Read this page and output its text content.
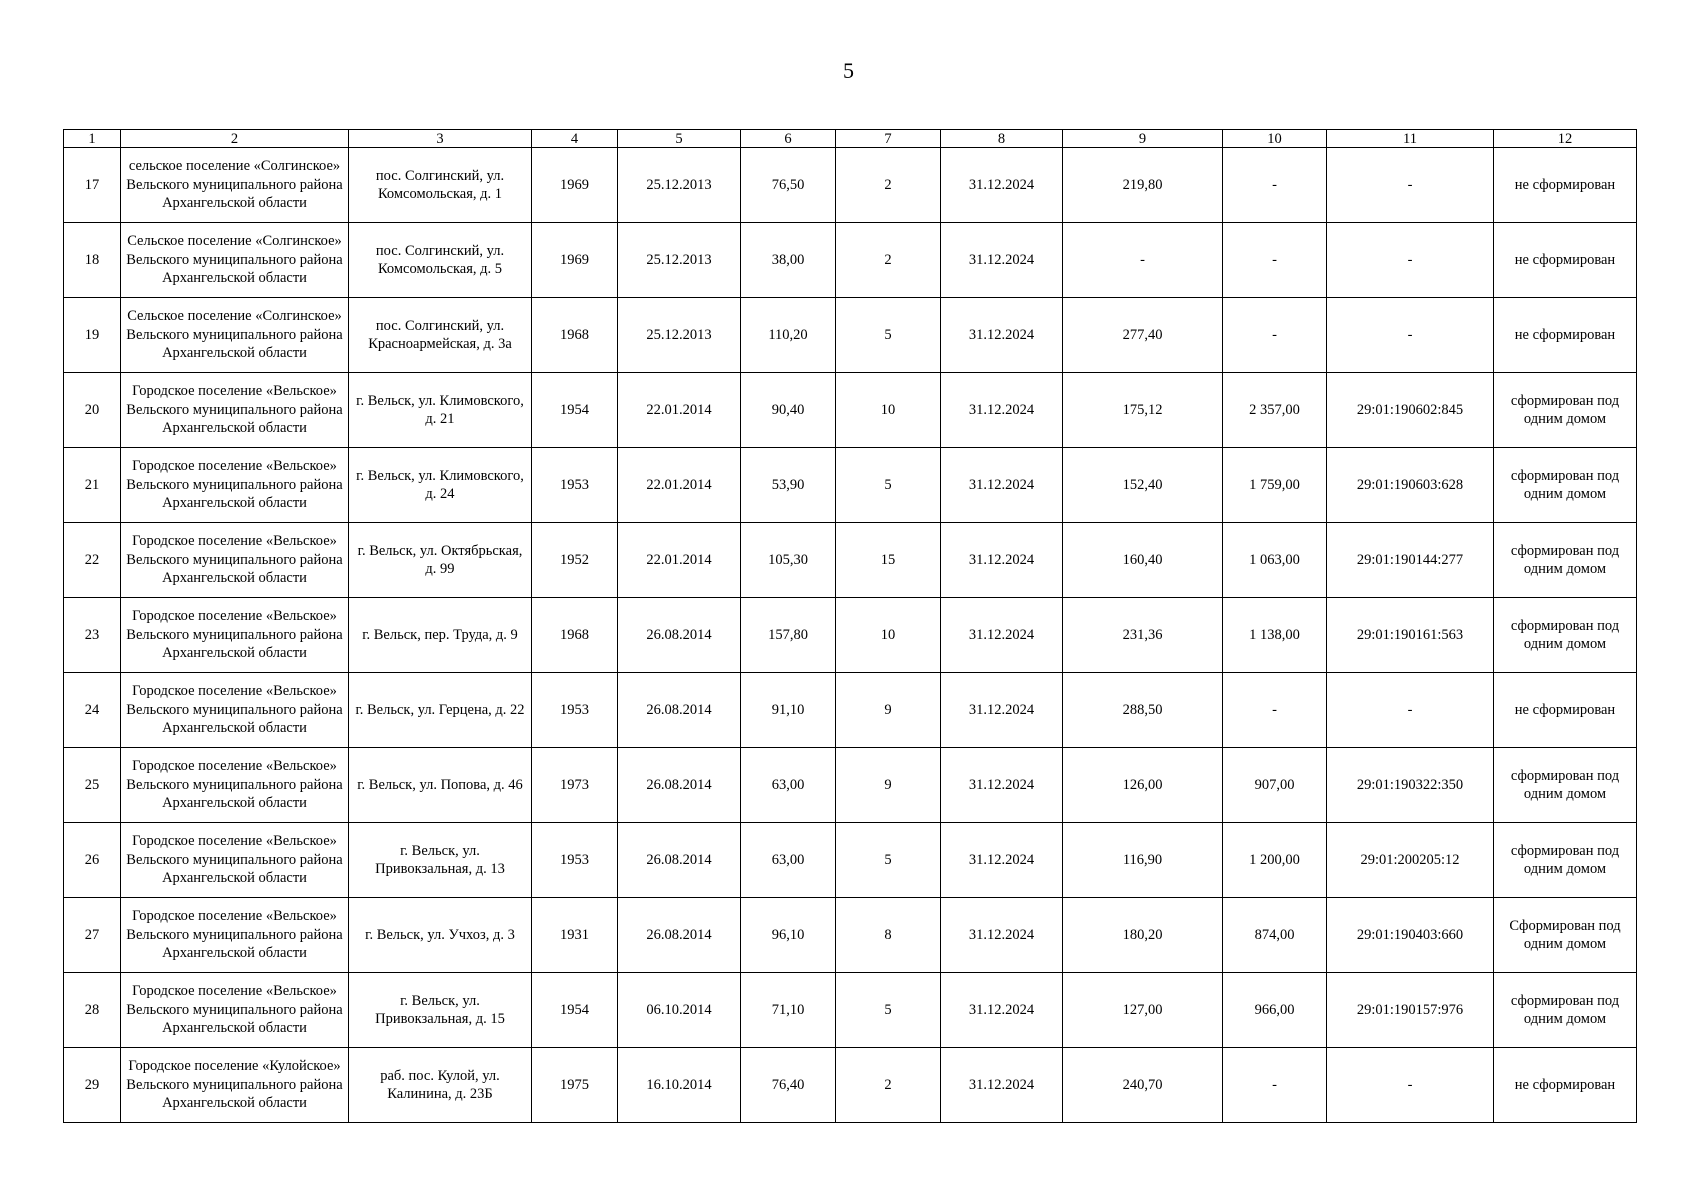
5
1	2	3	4	5	6	7	8	9	10	11	12
17	сельское поселение «Солгинское» Вельского муниципального района Архангельской области	пос. Солгинский, ул. Комсомольская, д. 1	1969	25.12.2013	76,50	2	31.12.2024	219,80	-	-	не сформирован
18	Сельское поселение «Солгинское» Вельского муниципального района Архангельской области	пос. Солгинский, ул. Комсомольская, д. 5	1969	25.12.2013	38,00	2	31.12.2024	-	-	-	не сформирован
19	Сельское поселение «Солгинское» Вельского муниципального района Архангельской области	пос. Солгинский, ул. Красноармейская, д. 3а	1968	25.12.2013	110,20	5	31.12.2024	277,40	-	-	не сформирован
20	Городское поселение «Вельское» Вельского муниципального района Архангельской области	г. Вельск, ул. Климовского, д. 21	1954	22.01.2014	90,40	10	31.12.2024	175,12	2 357,00	29:01:190602:845	сформирован под одним домом
21	Городское поселение «Вельское» Вельского муниципального района Архангельской области	г. Вельск, ул. Климовского, д. 24	1953	22.01.2014	53,90	5	31.12.2024	152,40	1 759,00	29:01:190603:628	сформирован под одним домом
22	Городское поселение «Вельское» Вельского муниципального района Архангельской области	г. Вельск, ул. Октябрьская, д. 99	1952	22.01.2014	105,30	15	31.12.2024	160,40	1 063,00	29:01:190144:277	сформирован под одним домом
23	Городское поселение «Вельское» Вельского муниципального района Архангельской области	г. Вельск, пер. Труда, д. 9	1968	26.08.2014	157,80	10	31.12.2024	231,36	1 138,00	29:01:190161:563	сформирован под одним домом
24	Городское поселение «Вельское» Вельского муниципального района Архангельской области	г. Вельск, ул. Герцена, д. 22	1953	26.08.2014	91,10	9	31.12.2024	288,50	-	-	не сформирован
25	Городское поселение «Вельское» Вельского муниципального района Архангельской области	г. Вельск, ул. Попова, д. 46	1973	26.08.2014	63,00	9	31.12.2024	126,00	907,00	29:01:190322:350	сформирован под одним домом
26	Городское поселение «Вельское» Вельского муниципального района Архангельской области	г. Вельск, ул. Привокзальная, д. 13	1953	26.08.2014	63,00	5	31.12.2024	116,90	1 200,00	29:01:200205:12	сформирован под одним домом
27	Городское поселение «Вельское» Вельского муниципального района Архангельской области	г. Вельск, ул. Учхоз, д. 3	1931	26.08.2014	96,10	8	31.12.2024	180,20	874,00	29:01:190403:660	Сформирован под одним домом
28	Городское поселение «Вельское» Вельского муниципального района Архангельской области	г. Вельск, ул. Привокзальная, д. 15	1954	06.10.2014	71,10	5	31.12.2024	127,00	966,00	29:01:190157:976	сформирован под одним домом
29	Городское поселение «Кулойское» Вельского муниципального района Архангельской области	раб. пос. Кулой, ул. Калинина, д. 23Б	1975	16.10.2014	76,40	2	31.12.2024	240,70	-	-	не сформирован
